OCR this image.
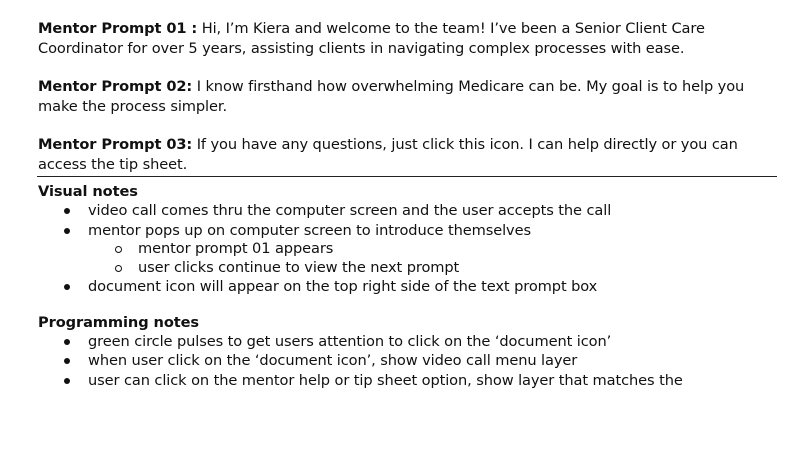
Mentor Prompt 01 : Hi, I’m Kiera and welcome to the team! I’ve been a Senior Client Care Coordinator for over 5 years, assisting clients in navigating complex processes with ease.

Mentor Prompt 02: I know firsthand how overwhelming Medicare can be. My goal is to help you make the process simpler.

Mentor Prompt 03: If you have any questions, just click this icon. I can help directly or you can access the tip sheet.

Visual notes
video call comes thru the computer screen and the user accepts the call
mentor pops up on computer screen to introduce themselves
mentor prompt 01 appears
user clicks continue to view the next prompt
document icon will appear on the top right side of the text prompt box
Programming notes
green circle pulses to get users attention to click on the ‘document icon’
when user click on the ‘document icon’, show video call menu layer
user can click on the mentor help or tip sheet option, show layer that matches the
